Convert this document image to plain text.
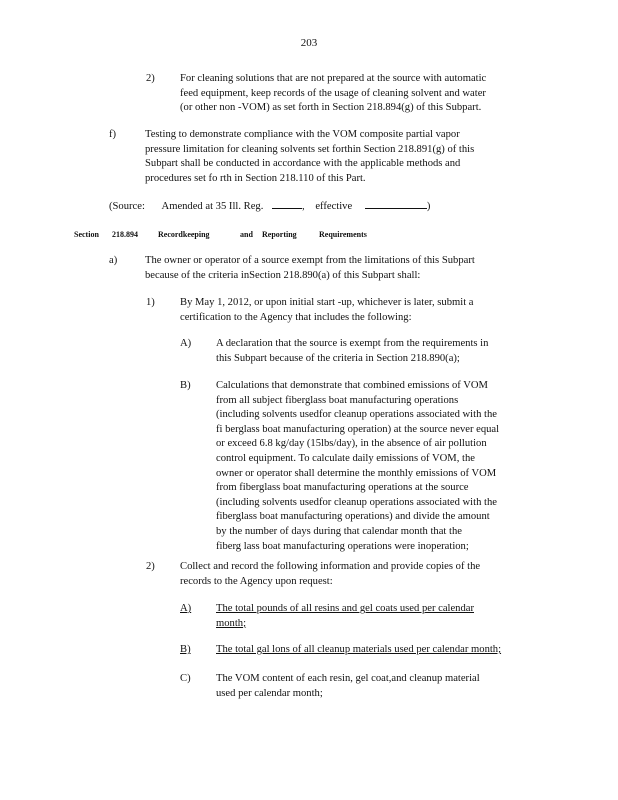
203
2) For cleaning solutions that are not prepared at the source with automatic
feed equipment, keep records of the usage of cleaning solvent and water
(or other non -VOM) as set forth in Section 218.894(g) of this Subpart.
f)	Testing to demonstrate compliance with the VOM composite partial vapor
pressure limitation for cleaning solvents set forthin Section 218.891(g) of this
Subpart shall be conducted in accordance with the applicable methods and
procedures set fo rth in Section 218.110 of this Part.
(Source: Amended at 35 Ill. Reg.	, effective	)
Section 218.894	Recordkeeping	and Reporting	Requirements
a)	The owner or operator of a source exempt from the limitations of this Subpart
because of the criteria inSection 218.890(a) of this Subpart shall:
1) By May 1, 2012, or upon initial start -up, whichever is later, submit a
certification to the Agency that includes the following:
A) A declaration that the source is exempt from the requirements in
this Subpart because of the criteria in Section 218.890(a);
B) Calculations that demonstrate that combined emissions of VOM
from all subject fiberglass boat manufacturing operations
(including solvents usedfor cleanup operations associated with the
fi berglass boat manufacturing operation) at the source never equal
or exceed 6.8 kg/day (15lbs/day), in the absence of air pollution
control equipment. To calculate daily emissions of VOM, the
owner or operator shall determine the monthly emissions of VOM
from fiberglass boat manufacturing operations at the source
(including solvents usedfor cleanup operations associated with the
fiberglass boat manufacturing operations) and divide the amount
by the number of days during that calendar month that the
fiberg lass boat manufacturing operations were inoperation;
2) Collect and record the following information and provide copies of the
records to the Agency upon request:
A) The total pounds of all resins and gel coats used per calendar
month;
B) The total gal lons of all cleanup materials used per calendar month;
C) The VOM content of each resin, gel coat,and cleanup material
used per calendar month;
